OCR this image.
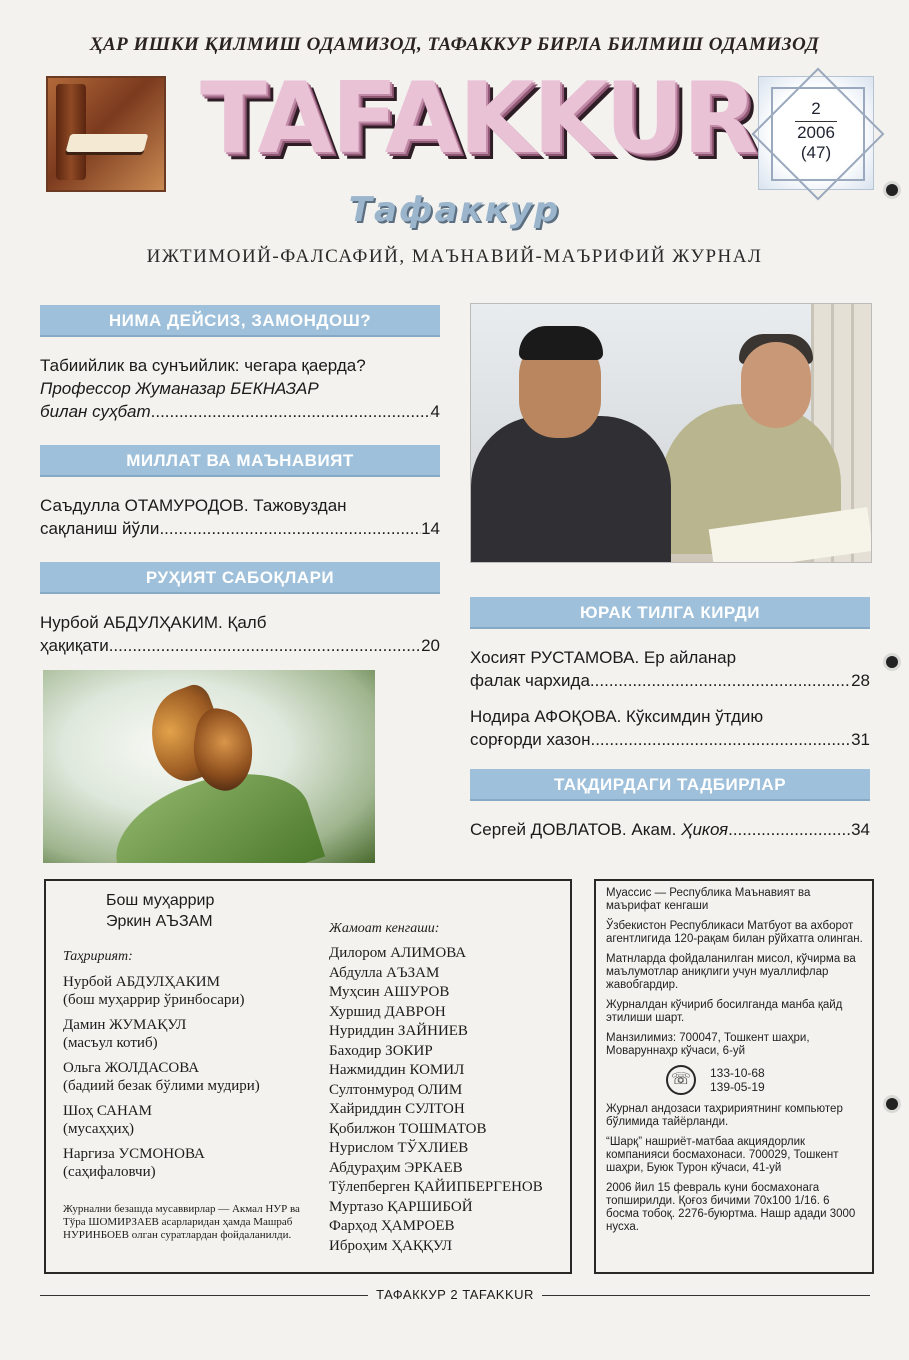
ҲАР ИШКИ ҚИЛМИШ ОДАМИЗОД, ТАФАККУР БИРЛА БИЛМИШ ОДАМИЗОД
TAFAKKUR	2
2006
(47)
Тафаккур
ИЖТИМОИЙ-ФАЛСАФИЙ, МАЪНАВИЙ-МАЪРИФИЙ ЖУРНАЛ
НИМА ДЕЙСИЗ, ЗАМОНДОШ?
Табиийлик ва сунъийлик: чегара қаерда?
Профессор Жуманазар БЕКНАЗАР
билан суҳбат .....	4
МИЛЛАТ ВА МАЪНАВИЯТ
Саъдулла ОТАМУРОДОВ. Тажовуздан
сақланиш йўли .....	14
РУҲИЯТ САБОҚЛАРИ
Нурбой АБДУЛҲАКИМ. Қалб
ҳақиқати .....	20
ЮРАК ТИЛГА КИРДИ
Хосият РУСТАМОВА. Ер айланар
фалак чархида .....	28
Нодира АФОҚОВА. Кўксимдин ўтдию
сорғорди хазон .....	31
ТАҚДИРДАГИ ТАДБИРЛАР
Сергей ДОВЛАТОВ. Акам.
Ҳикоя .....	34
Бош муҳаррир
Эркин АЪЗАМ
Таҳририят:
Нурбой АБДУЛҲАКИМ
(бош муҳаррир ўринбосари)
Дамин ЖУМАҚУЛ
(масъул котиб)
Ольга ЖОЛДАСОВА
(бадиий безак бўлими мудири)
Шоҳ САНАМ
(мусаҳҳиҳ)
Наргиза УСМОНОВА
(саҳифаловчи)
Журнални безашда мусаввирлар — Акмал НУР ва Тўра ШОМИРЗАЕВ асарларидан ҳамда Машраб НУРИНБОЕВ олган суратлардан фойдаланилди.
Жамоат кенгаши:
Дилором АЛИМОВА
Абдулла АЪЗАМ
Муҳсин АШУРОВ
Хуршид ДАВРОН
Нуриддин ЗАЙНИЕВ
Баходир ЗОКИР
Нажмиддин КОМИЛ
Султонмурод ОЛИМ
Хайриддин СУЛТОН
Қобилжон ТОШМАТОВ
Нурислом ТЎХЛИЕВ
Абдураҳим ЭРКАЕВ
Тўлепберген ҚАЙИПБЕРГЕНОВ
Муртазо ҚАРШИБОЙ
Фарҳод ҲАМРОЕВ
Иброҳим ҲАҚҚУЛ

Муассис — Республика Маънавият ва маърифат кенгаши

Ўзбекистон Республикаси Матбуот ва ахборот агентлигида 120-рақам билан рўйхатга олинган.

Матнларда фойдаланилган мисол, кўчирма ва маълумотлар аниқлиги учун муаллифлар жавобгардир.

Журналдан кўчириб босилганда манба қайд этилиши шарт.

Манзилимиз: 700047, Тошкент шаҳри, Моваруннаҳр кўчаси, 6-уй

☏	133-10-68
139-05-19

Журнал андозаси таҳририятнинг компьютер бўлимида тайёрланди.

“Шарқ” нашриёт-матбаа акциядорлик компанияси босмахонаси. 700029, Тошкент шаҳри, Буюк Турон кўчаси, 41-уй

2006 йил 15 февраль куни босмахонага топширилди. Қоғоз бичими 70х100 1/16. 6 босма тобоқ. 2276-буюртма. Нашр адади 3000 нусха.

ТАФАККУР 2 TAFAKKUR
